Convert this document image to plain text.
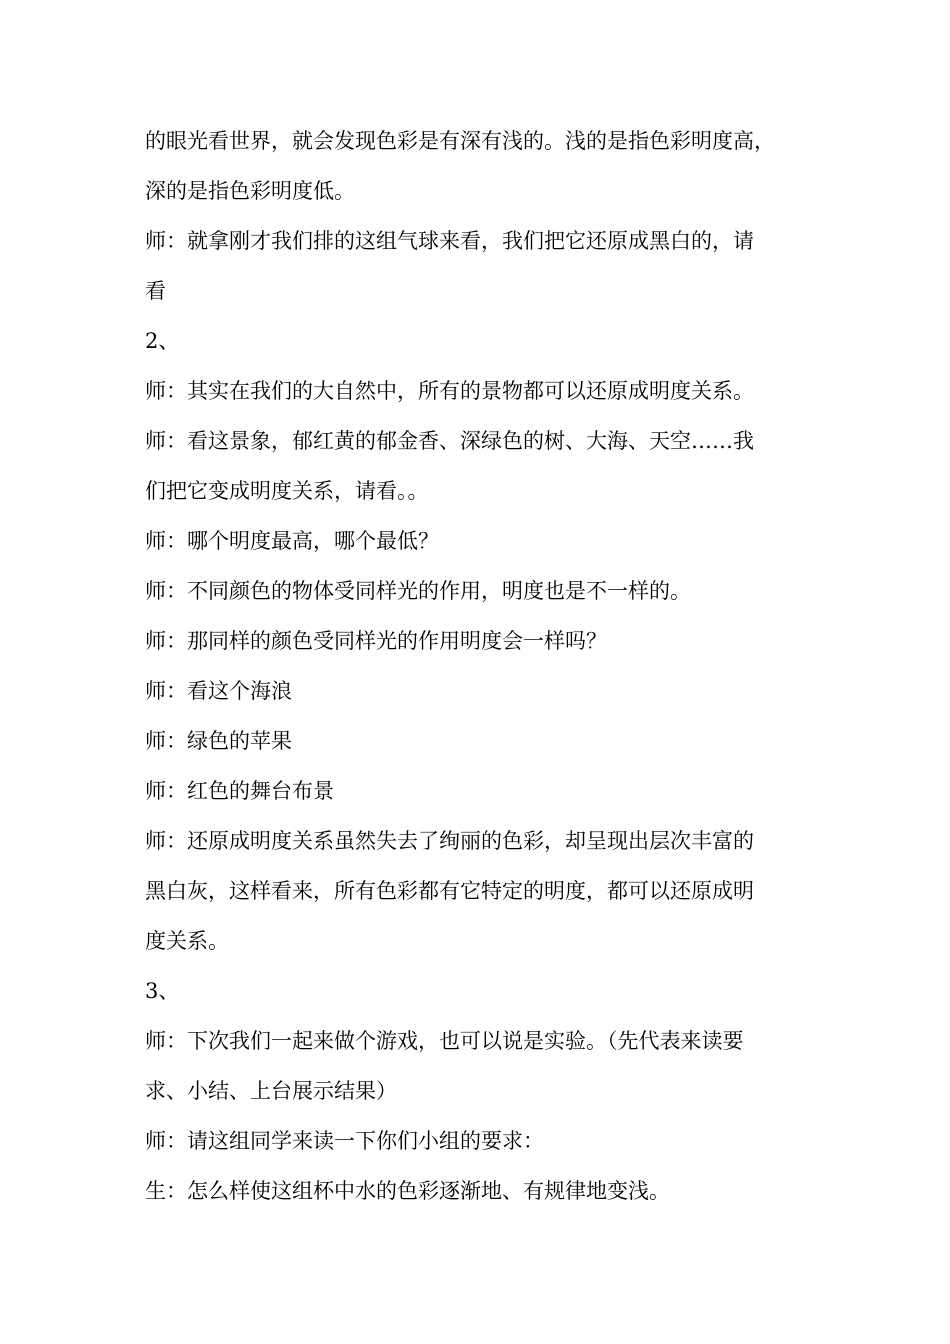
的眼光看世界，就会发现色彩是有深有浅的。浅的是指色彩明度高，

深的是指色彩明度低。

师：就拿刚才我们排的这组气球来看，我们把它还原成黑白的，请

看

2、

师：其实在我们的大自然中，所有的景物都可以还原成明度关系。

师：看这景象，郁红黄的郁金香、深绿色的树、大海、天空……我

们把它变成明度关系，请看。。

师：哪个明度最高，哪个最低？

师：不同颜色的物体受同样光的作用，明度也是不一样的。

师：那同样的颜色受同样光的作用明度会一样吗？

师：看这个海浪

师：绿色的苹果

师：红色的舞台布景

师：还原成明度关系虽然失去了绚丽的色彩，却呈现出层次丰富的

黑白灰，这样看来，所有色彩都有它特定的明度，都可以还原成明

度关系。

3、

师：下次我们一起来做个游戏，也可以说是实验。（先代表来读要

求、小结、上台展示结果）

师：请这组同学来读一下你们小组的要求：

生：怎么样使这组杯中水的色彩逐渐地、有规律地变浅。
